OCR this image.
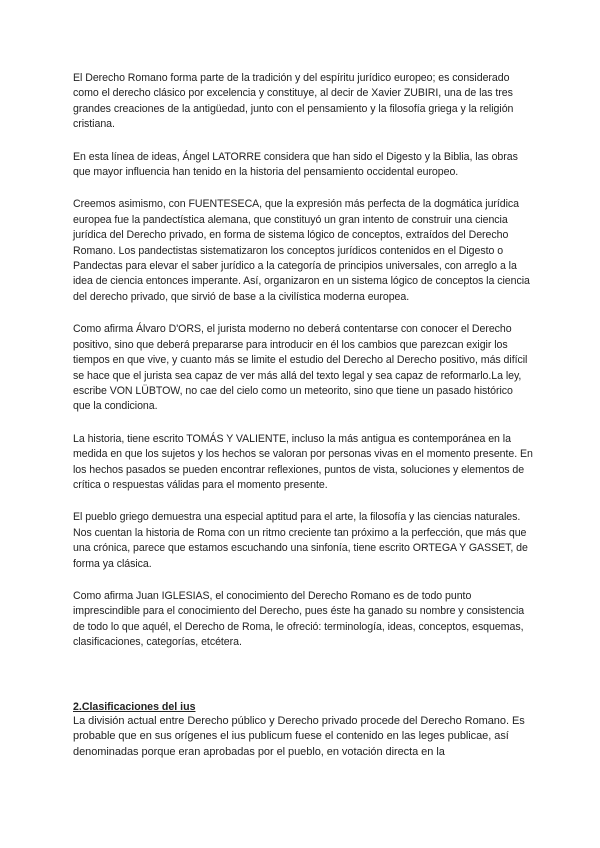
El Derecho Romano forma parte de la tradición y del espíritu jurídico europeo; es considerado como el derecho clásico por excelencia y constituye, al decir de Xavier ZUBIRI, una de las tres grandes creaciones de la antigüedad, junto con el pensamiento y la filosofía griega y la religión cristiana.

En esta línea de ideas, Ángel LATORRE considera que han sido el Digesto y la Biblia, las obras que mayor influencia han tenido en la historia del pensamiento occidental europeo.

Creemos asimismo, con FUENTESECA, que la expresión más perfecta de la dogmática jurídica europea fue la pandectística alemana, que constituyó un gran intento de construir una ciencia jurídica del Derecho privado, en forma de sistema lógico de conceptos, extraídos del Derecho Romano. Los pandectistas sistematizaron los conceptos jurídicos contenidos en el Digesto o Pandectas para elevar el saber jurídico a la categoría de principios universales, con arreglo a la idea de ciencia entonces imperante. Así, organizaron en un sistema lógico de conceptos la ciencia del derecho privado, que sirvió de base a la civilística moderna europea.

Como afirma Álvaro D'ORS, el jurista moderno no deberá contentarse con conocer el Derecho positivo, sino que deberá prepararse para introducir en él los cambios que parezcan exigir los tiempos en que vive, y cuanto más se limite el estudio del Derecho al Derecho positivo, más difícil se hace que el jurista sea capaz de ver más allá del texto legal y sea capaz de reformarlo.La ley, escribe VON LÜBTOW, no cae del cielo como un meteorito, sino que tiene un pasado histórico que la condiciona.

La historia, tiene escrito TOMÁS Y VALIENTE, incluso la más antigua es contemporánea en la medida en que los sujetos y los hechos se valoran por personas vivas en el momento presente. En los hechos pasados se pueden encontrar reflexiones, puntos de vista, soluciones y elementos de crítica o respuestas válidas para el momento presente.

El pueblo griego demuestra una especial aptitud para el arte, la filosofía y las ciencias naturales. Nos cuentan la historia de Roma con un ritmo creciente tan próximo a la perfección, que más que una crónica, parece que estamos escuchando una sinfonía, tiene escrito ORTEGA Y GASSET, de forma ya clásica.

Como afirma Juan IGLESIAS, el conocimiento del Derecho Romano es de todo punto imprescindible para el conocimiento del Derecho, pues éste ha ganado su nombre y consistencia de todo lo que aquél, el Derecho de Roma, le ofreció: terminología, ideas, conceptos, esquemas, clasificaciones, categorías, etcétera.

2.Clasificaciones del ius

La división actual entre Derecho público y Derecho privado procede del Derecho Romano. Es probable que en sus orígenes el ius publicum fuese el contenido en las leges publicae, así denominadas porque eran aprobadas por el pueblo, en votación directa en la
